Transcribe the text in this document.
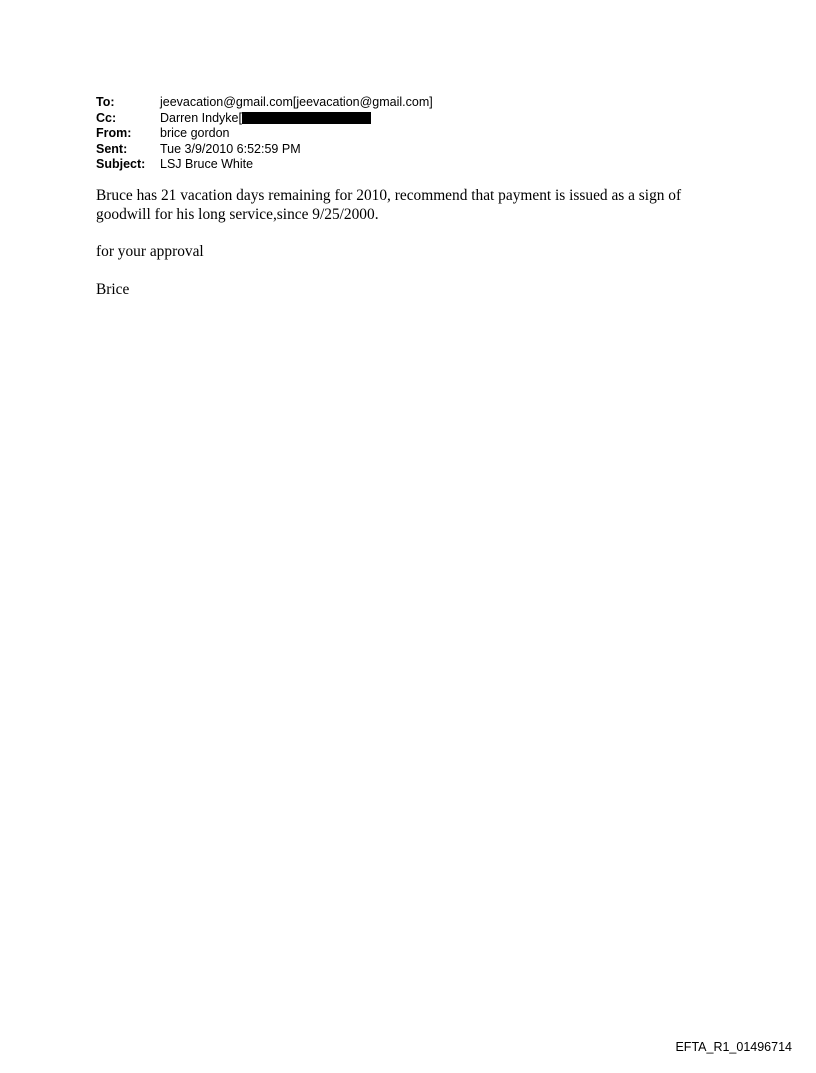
To:	jeevacation@gmail.com[jeevacation@gmail.com]
Cc:	Darren Indyke[
From:	brice gordon
Sent:	Tue 3/9/2010 6:52:59 PM
Subject:	LSJ Bruce White
Bruce has 21 vacation days remaining for 2010, recommend that payment is issued as a sign of goodwill for his long service,since 9/25/2000.
for your approval
Brice
EFTA_R1_01496714
